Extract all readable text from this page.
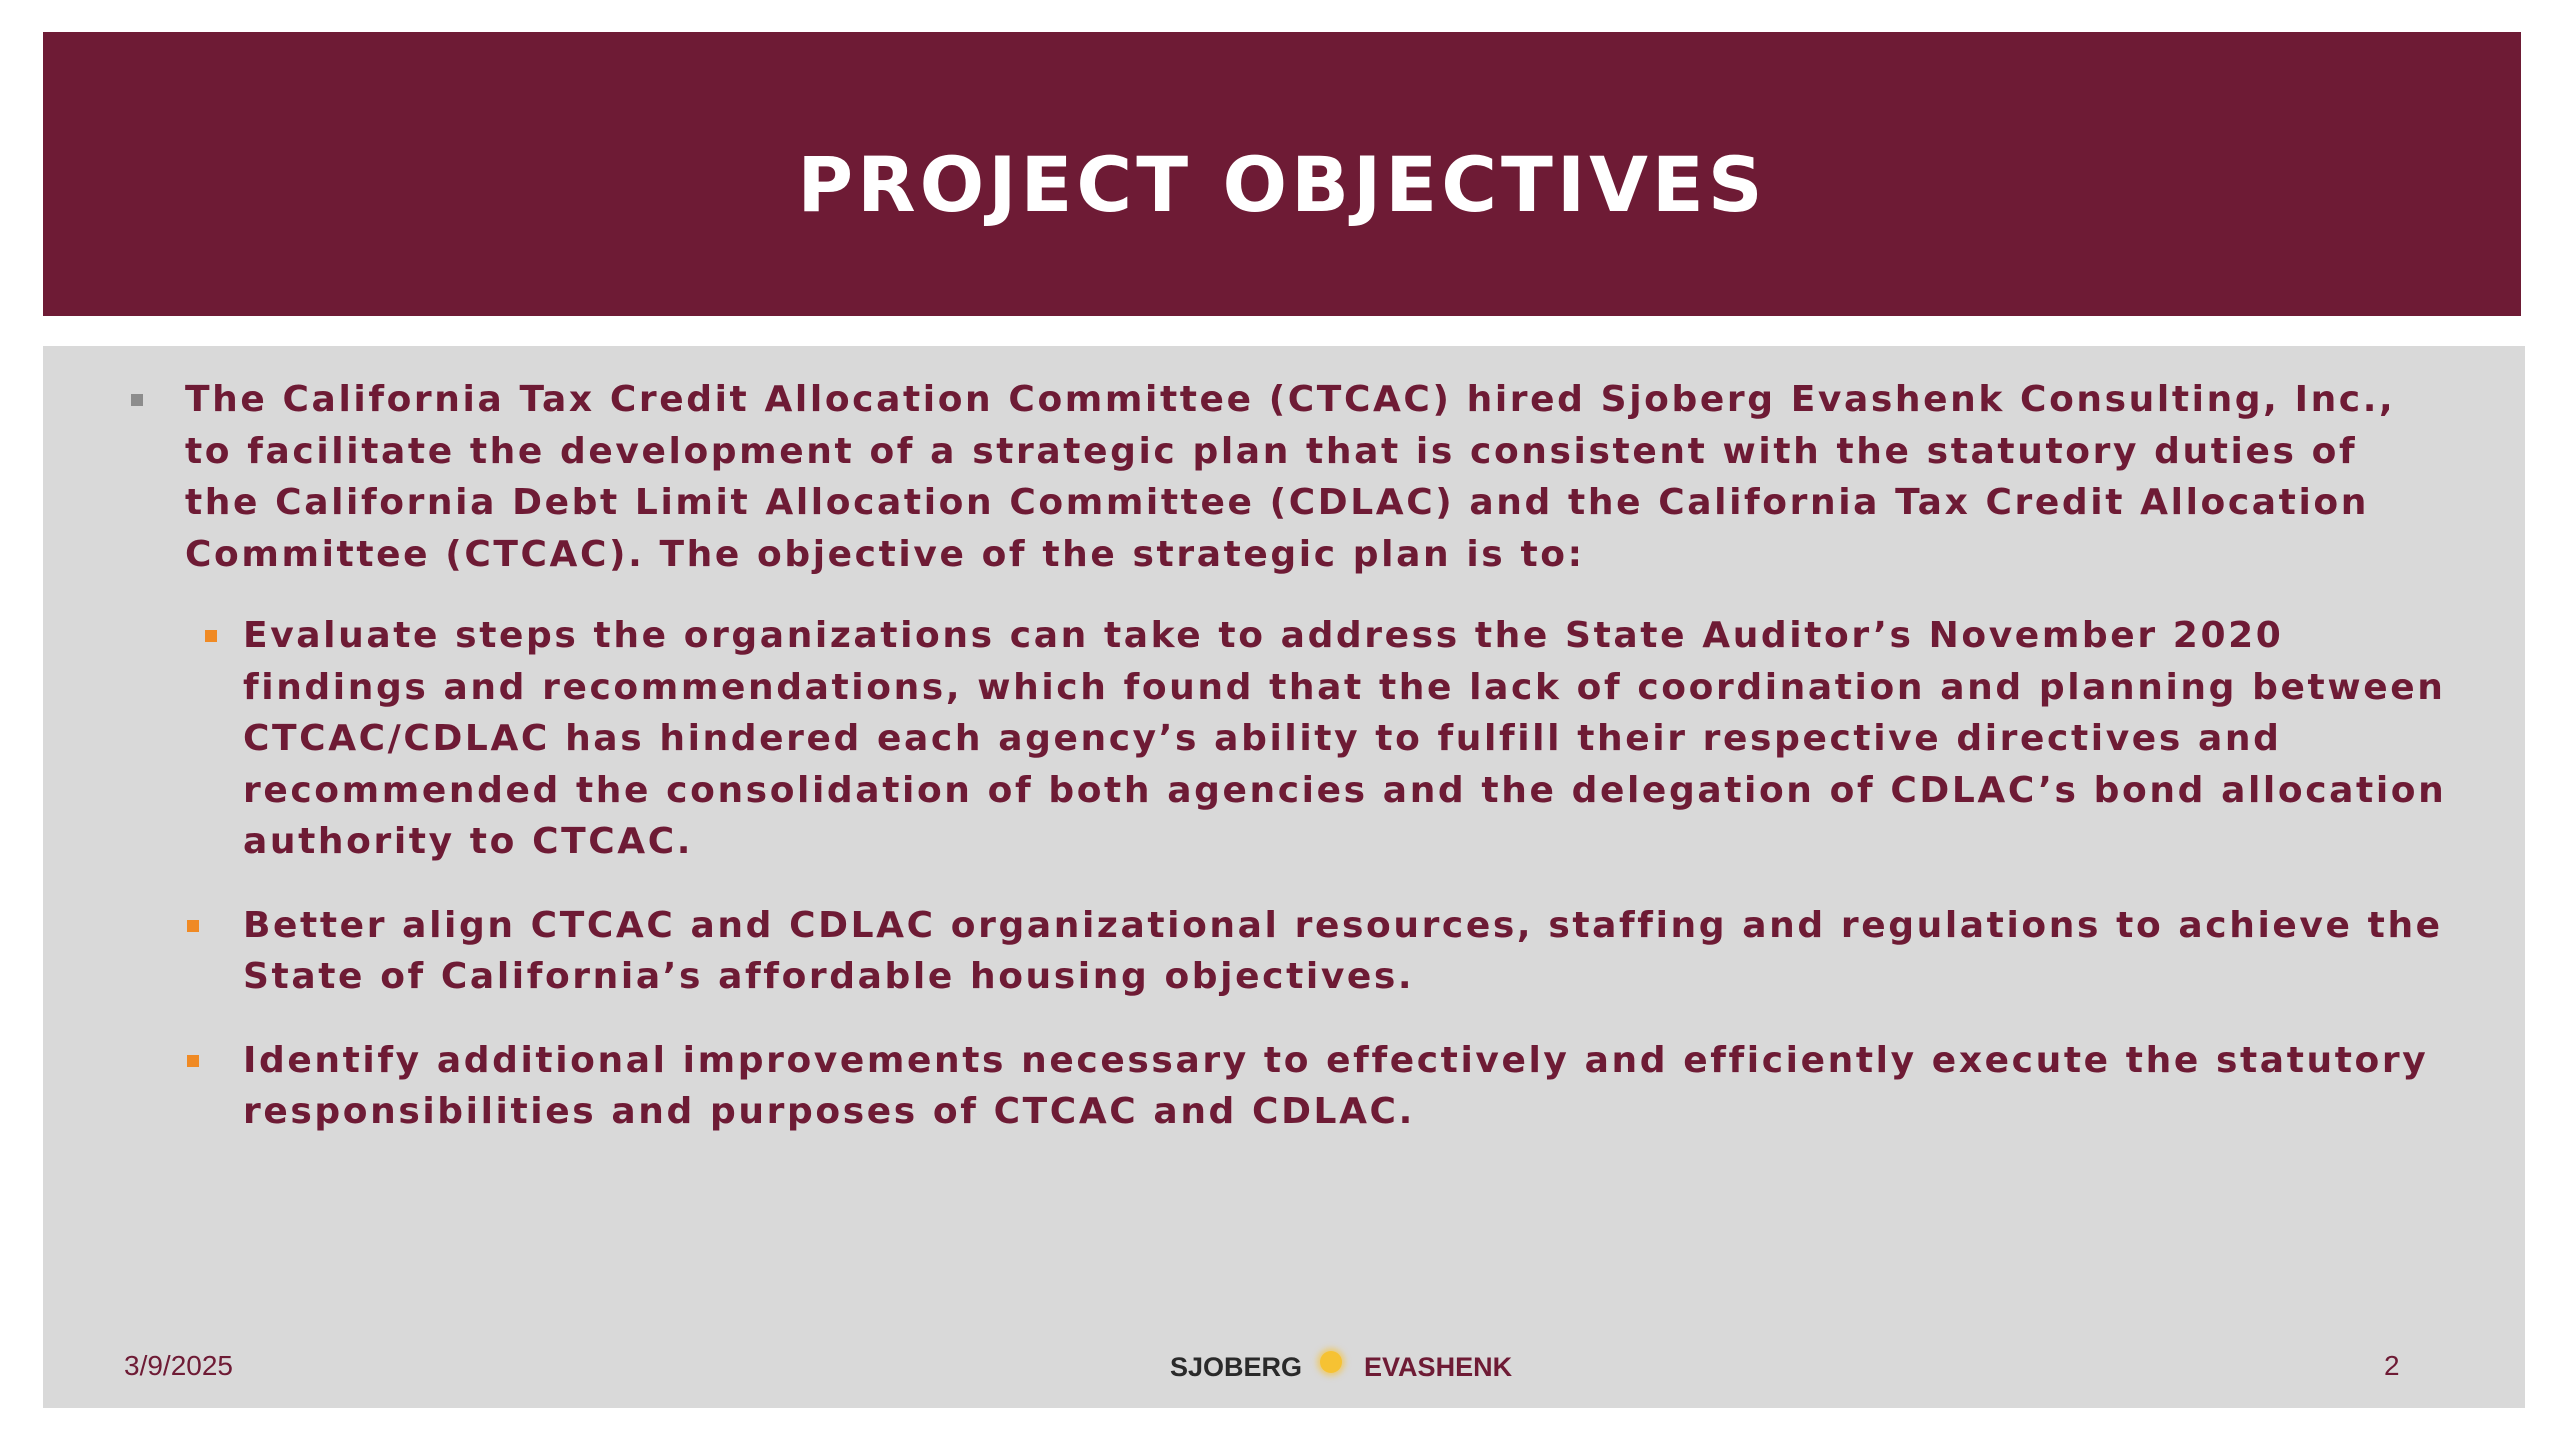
PROJECT OBJECTIVES
The California Tax Credit Allocation Committee (CTCAC) hired Sjoberg Evashenk Consulting, Inc., to facilitate the development of a strategic plan that is consistent with the statutory duties of the California Debt Limit Allocation Committee (CDLAC) and the California Tax Credit Allocation Committee (CTCAC). The objective of the strategic plan is to:
Evaluate steps the organizations can take to address the State Auditor’s November 2020 findings and recommendations, which found that the lack of coordination and planning between CTCAC/CDLAC has hindered each agency’s ability to fulfill their respective directives and recommended the consolidation of both agencies and the delegation of CDLAC’s bond allocation authority to CTCAC.
Better align CTCAC and CDLAC organizational resources, staffing and regulations to achieve the State of California’s affordable housing objectives.
Identify additional improvements necessary to effectively and efficiently execute the statutory responsibilities and purposes of CTCAC and CDLAC.
3/9/2025	SJOBERG EVASHENK	2
